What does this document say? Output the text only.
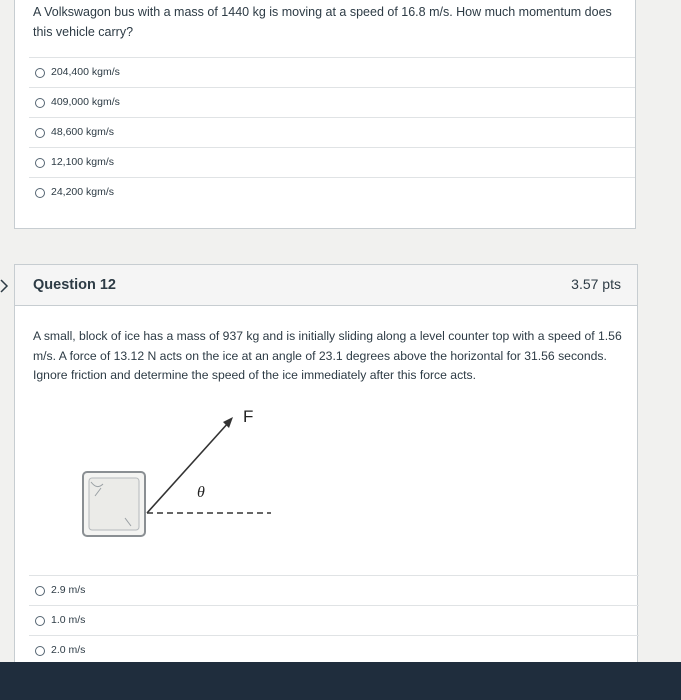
A Volkswagon bus with a mass of 1440 kg is moving at a speed of 16.8 m/s. How much momentum does this vehicle carry?
204,400 kgm/s
409,000 kgm/s
48,600 kgm/s
12,100 kgm/s
24,200 kgm/s
Question 12	3.57 pts
A small, block of ice has a mass of 937 kg and is initially sliding along a level counter top with a speed of 1.56 m/s. A force of 13.12 N acts on the ice at an angle of 23.1 degrees above the horizontal for 31.56 seconds. Ignore friction and determine the speed of the ice immediately after this force acts.
F
θ
2.9 m/s
1.0 m/s
2.0 m/s
